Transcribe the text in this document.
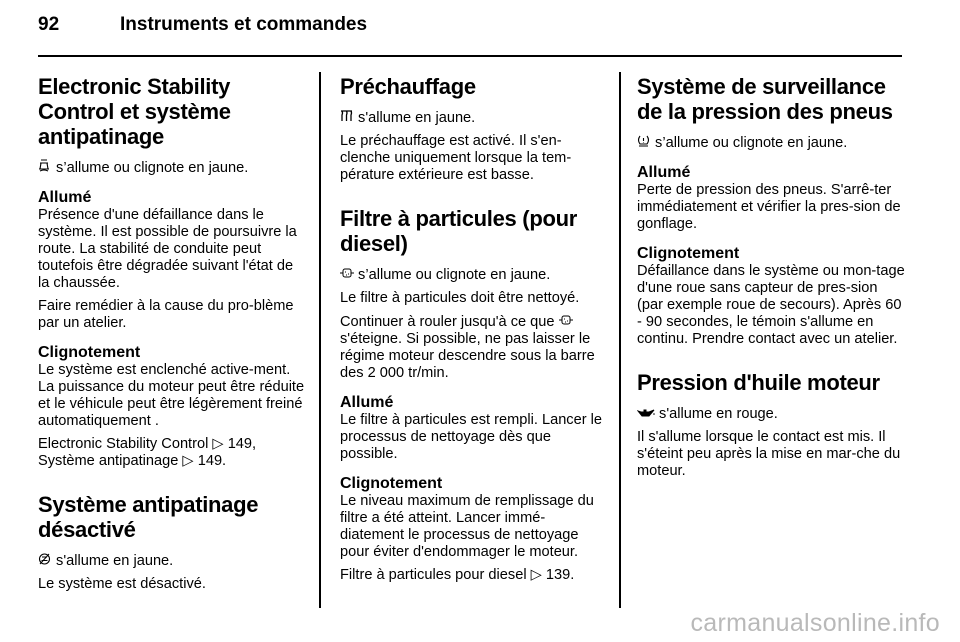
92	Instruments et commandes
Electronic Stability Control et système antipatinage

s’allume ou clignote en jaune.

Allumé

Présence d'une défaillance dans le système. Il est possible de poursuivre la route. La stabilité de conduite peut toutefois être dégradée suivant l'état de la chaussée.

Faire remédier à la cause du pro-blème par un atelier.

Clignotement

Le système est enclenché active-ment. La puissance du moteur peut être réduite et le véhicule peut être légèrement freiné automatiquement .

Electronic Stability Control ▷ 149,
Système antipatinage ▷ 149.

Système antipatinage désactivé

s'allume en jaune.

Le système est désactivé.

Préchauffage

s'allume en jaune.

Le préchauffage est activé. Il s'en-clenche uniquement lorsque la tem-pérature extérieure est basse.

Filtre à particules (pour diesel)

s’allume ou clignote en jaune.

Le filtre à particules doit être nettoyé.

Continuer à rouler jusqu'à ce que  s'éteigne. Si possible, ne pas laisser le régime moteur descendre sous la barre des 2 000 tr/min.

Allumé

Le filtre à particules est rempli. Lancer le processus de nettoyage dès que possible.

Clignotement

Le niveau maximum de remplissage du filtre a été atteint. Lancer immé-diatement le processus de nettoyage pour éviter d'endommager le moteur.

Filtre à particules pour diesel ▷ 139.

Système de surveillance de la pression des pneus

s’allume ou clignote en jaune.

Allumé

Perte de pression des pneus. S'arrê-ter immédiatement et vérifier la pres-sion de gonflage.

Clignotement

Défaillance dans le système ou mon-tage d'une roue sans capteur de pres-sion (par exemple roue de secours). Après 60 - 90 secondes, le témoin s'allume en continu. Prendre contact avec un atelier.

Pression d'huile moteur

s'allume en rouge.

Il s'allume lorsque le contact est mis. Il s'éteint peu après la mise en mar-che du moteur.

carmanualsonline.info
